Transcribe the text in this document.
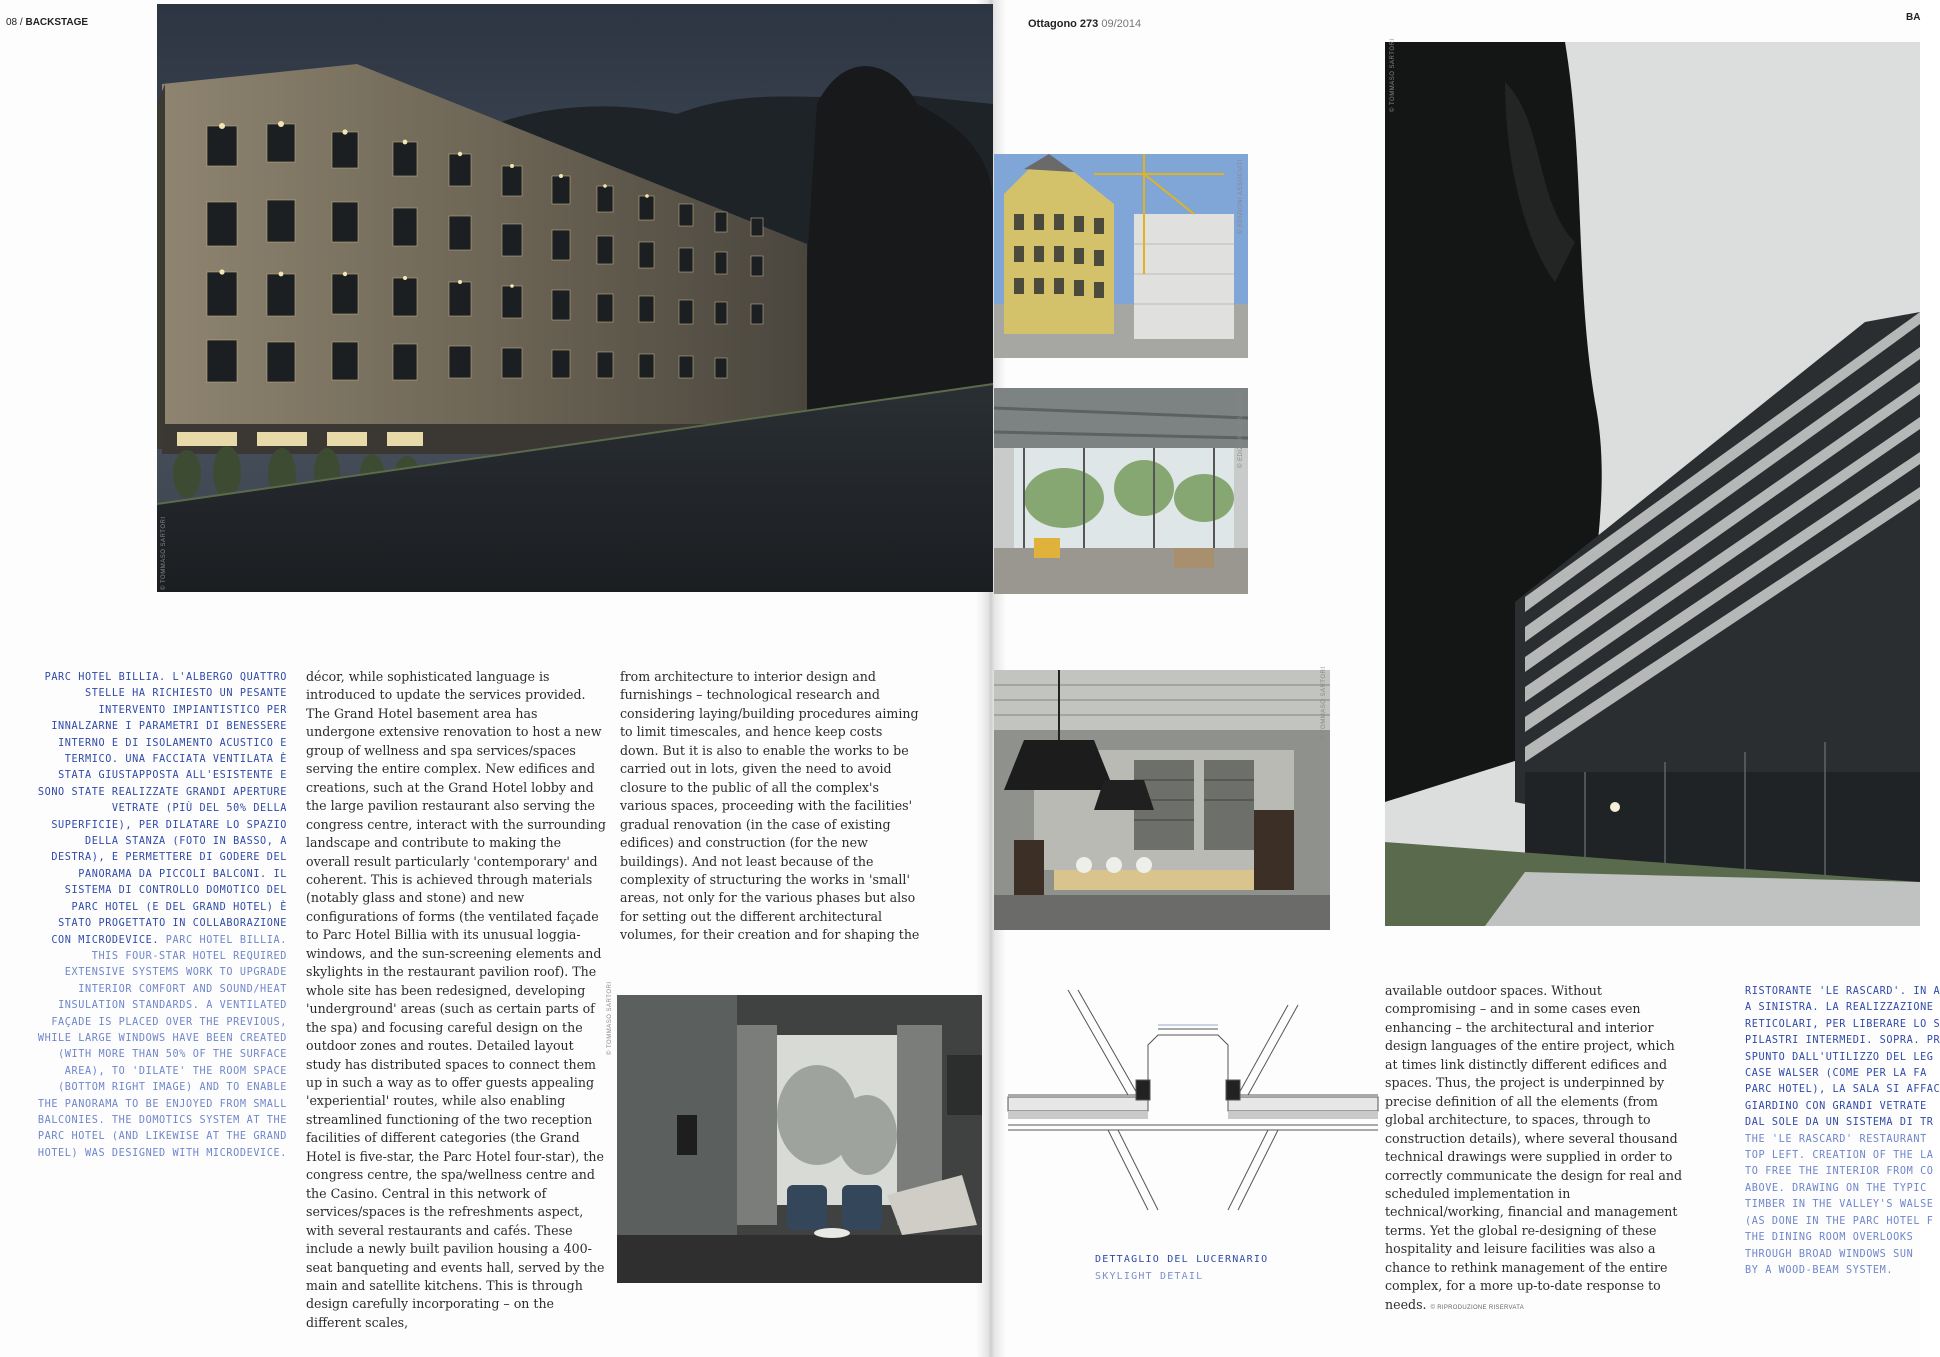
08 / BACKSTAGE	Ottagono 273 09/2014
BA
© TOMMASO SARTORI
© EDIZIONI ASSOCIATI
© EDIZIONI ASSOCIATI
© TOMMASO SARTORI
© TOMMASO SARTORI
© TOMMASO SARTORI
DETTAGLIO DEL LUCERNARIO
SKYLIGHT DETAIL
PARC HOTEL BILLIA. L'ALBERGO QUATTRO STELLE HA RICHIESTO UN PESANTE INTERVENTO IMPIANTISTICO PER INNALZARNE I PARAMETRI DI BENESSERE INTERNO E DI ISOLAMENTO ACUSTICO E TERMICO. UNA FACCIATA VENTILATA È STATA GIUSTAPPOSTA ALL'ESISTENTE E SONO STATE REALIZZATE GRANDI APERTURE VETRATE (PIÙ DEL 50% DELLA SUPERFICIE), PER DILATARE LO SPAZIO DELLA STANZA (FOTO IN BASSO, A DESTRA), E PERMETTERE DI GODERE DEL PANORAMA DA PICCOLI BALCONI. IL SISTEMA DI CONTROLLO DOMOTICO DEL PARC HOTEL (E DEL GRAND HOTEL) È STATO PROGETTATO IN COLLABORAZIONE CON MICRODEVICE. PARC HOTEL BILLIA. THIS FOUR-STAR HOTEL REQUIRED EXTENSIVE SYSTEMS WORK TO UPGRADE INTERIOR COMFORT AND SOUND/HEAT INSULATION STANDARDS. A VENTILATED FAÇADE IS PLACED OVER THE PREVIOUS, WHILE LARGE WINDOWS HAVE BEEN CREATED (WITH MORE THAN 50% OF THE SURFACE AREA), TO 'DILATE' THE ROOM SPACE (BOTTOM RIGHT IMAGE) AND TO ENABLE THE PANORAMA TO BE ENJOYED FROM SMALL BALCONIES. THE DOMOTICS SYSTEM AT THE PARC HOTEL (AND LIKEWISE AT THE GRAND HOTEL) WAS DESIGNED WITH MICRODEVICE.
décor, while sophisticated language is introduced to update the services provided. The Grand Hotel basement area has undergone extensive renovation to host a new group of wellness and spa services/spaces serving the entire complex. New edifices and creations, such at the Grand Hotel lobby and the large pavilion restaurant also serving the congress centre, interact with the surrounding landscape and contribute to making the overall result particularly 'contemporary' and coherent. This is achieved through materials (notably glass and stone) and new configurations of forms (the ventilated façade to Parc Hotel Billia with its unusual loggia-windows, and the sun-screening elements and skylights in the restaurant pavilion roof). The whole site has been redesigned, developing 'underground' areas (such as certain parts of the spa) and focusing careful design on the outdoor zones and routes. Detailed layout study has distributed spaces to connect them up in such a way as to offer guests appealing 'experiential' routes, while also enabling streamlined functioning of the two reception facilities of different categories (the Grand Hotel is five-star, the Parc Hotel four-star), the congress centre, the spa/wellness centre and the Casino. Central in this network of services/spaces is the refreshments aspect, with several restaurants and cafés. These include a newly built pavilion housing a 400-seat banqueting and events hall, served by the main and satellite kitchens. This is through design carefully incorporating – on the different scales,
from architecture to interior design and furnishings – technological research and considering laying/building procedures aiming to limit timescales, and hence keep costs down. But it is also to enable the works to be carried out in lots, given the need to avoid closure to the public of all the complex's various spaces, proceeding with the facilities' gradual renovation (in the case of existing edifices) and construction (for the new buildings). And not least because of the complexity of structuring the works in 'small' areas, not only for the various phases but also for setting out the different architectural volumes, for their creation and for shaping the
available outdoor spaces. Without compromising – and in some cases even enhancing – the architectural and interior design languages of the entire project, which at times link distinctly different edifices and spaces. Thus, the project is underpinned by precise definition of all the elements (from global architecture, to spaces, through to construction details), where several thousand technical drawings were supplied in order to correctly communicate the design for real and scheduled implementation in technical/working, financial and management terms. Yet the global re-designing of these hospitality and leisure facilities was also a chance to rethink management of the entire complex, for a more up-to-date response to needs. © RIPRODUZIONE RISERVATA
RISTORANTE 'LE RASCARD'. IN A
A SINISTRA. LA REALIZZAZIONE
RETICOLARI, PER LIBERARE LO S
PILASTRI INTERMEDI. SOPRA. PR
SPUNTO DALL'UTILIZZO DEL LEG
CASE WALSER (COME PER LA FA
PARC HOTEL), LA SALA SI AFFAC
GIARDINO CON GRANDI VETRATE
DAL SOLE DA UN SISTEMA DI TR
THE 'LE RASCARD' RESTAURANT
TOP LEFT. CREATION OF THE LA
TO FREE THE INTERIOR FROM CO
ABOVE. DRAWING ON THE TYPIC
TIMBER IN THE VALLEY'S WALSE
(AS DONE IN THE PARC HOTEL F
THE DINING ROOM OVERLOOKS
THROUGH BROAD WINDOWS SUN
BY A WOOD-BEAM SYSTEM.
